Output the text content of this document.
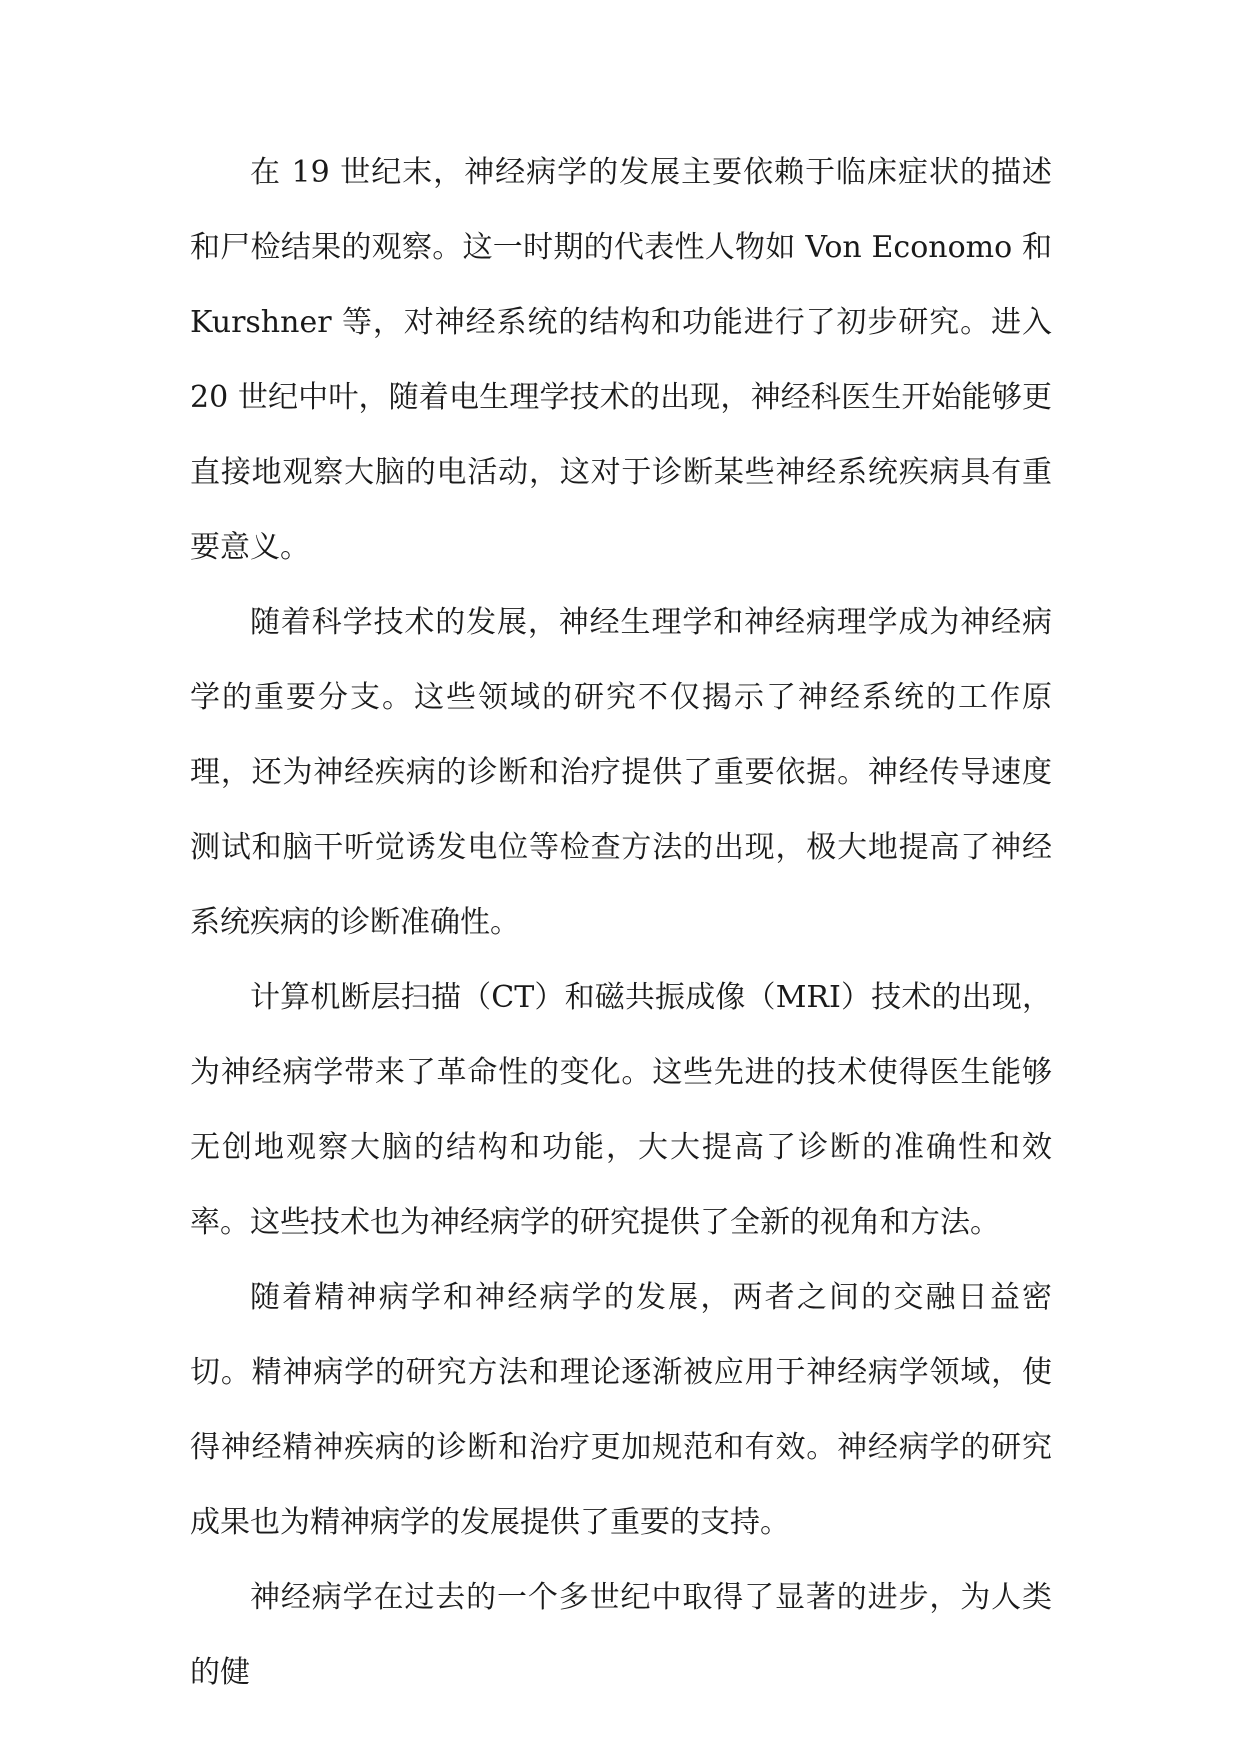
在 19 世纪末，神经病学的发展主要依赖于临床症状的描述和尸检结果的观察。这一时期的代表性人物如 Von Economo 和 Kurshner 等，对神经系统的结构和功能进行了初步研究。进入 20 世纪中叶，随着电生理学技术的出现，神经科医生开始能够更直接地观察大脑的电活动，这对于诊断某些神经系统疾病具有重要意义。

随着科学技术的发展，神经生理学和神经病理学成为神经病学的重要分支。这些领域的研究不仅揭示了神经系统的工作原理，还为神经疾病的诊断和治疗提供了重要依据。神经传导速度测试和脑干听觉诱发电位等检查方法的出现，极大地提高了神经系统疾病的诊断准确性。

计算机断层扫描（CT）和磁共振成像（MRI）技术的出现，为神经病学带来了革命性的变化。这些先进的技术使得医生能够无创地观察大脑的结构和功能，大大提高了诊断的准确性和效率。这些技术也为神经病学的研究提供了全新的视角和方法。

随着精神病学和神经病学的发展，两者之间的交融日益密切。精神病学的研究方法和理论逐渐被应用于神经病学领域，使得神经精神疾病的诊断和治疗更加规范和有效。神经病学的研究成果也为精神病学的发展提供了重要的支持。

神经病学在过去的一个多世纪中取得了显著的进步，为人类的健
